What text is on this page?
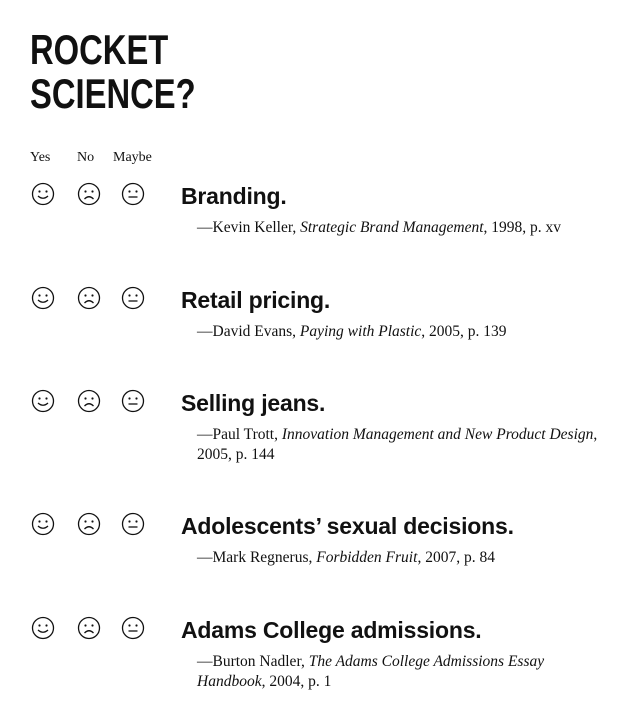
ROCKET
SCIENCE?
Yes No Maybe
Branding.
—Kevin Keller, Strategic Brand Management, 1998, p. xv
Retail pricing.
—David Evans, Paying with Plastic, 2005, p. 139
Selling jeans.
—Paul Trott, Innovation Management and New Product Design, 2005, p. 144
Adolescents’ sexual decisions.
—Mark Regnerus, Forbidden Fruit, 2007, p. 84
Adams College admissions.
—Burton Nadler, The Adams College Admissions Essay Handbook, 2004, p. 1
